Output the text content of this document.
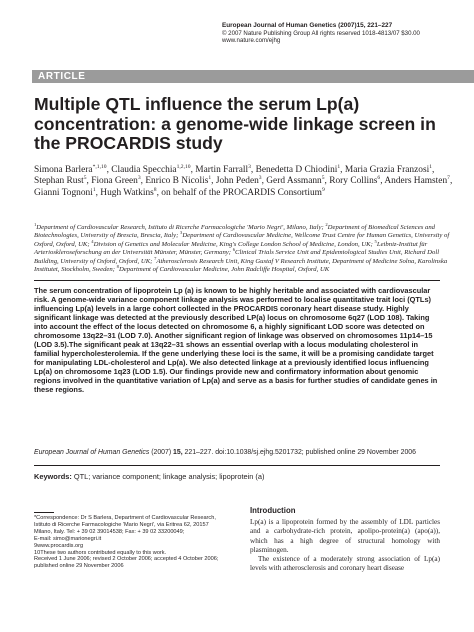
European Journal of Human Genetics (2007)15, 221–227
© 2007 Nature Publishing Group All rights reserved 1018-4813/07 $30.00
www.nature.com/ejhg
ARTICLE
Multiple QTL influence the serum Lp(a) concentration: a genome-wide linkage screen in the PROCARDIS study
Simona Barlera$^{*,1,10}$, Claudia Specchia$^{1,2,10}$, Martin Farrall$^3$, Benedetta D Chiodini$^1$, Maria Grazia Franzosi$^1$, Stephan Rust$^5$, Fiona Green$^3$, Enrico B Nicolis$^1$, John Peden$^3$, Gerd Assmann$^5$, Rory Collins$^6$, Anders Hamsten$^7$, Gianni Tognoni$^1$, Hugh Watkins$^8$, on behalf of the PROCARDIS Consortium$^9$
$^1$Department of Cardiovascular Research, Istituto di Ricerche Farmacologiche 'Mario Negri', Milano, Italy; $^2$Department of Biomedical Sciences and Biotechnologies, University of Brescia, Brescia, Italy; $^3$Department of Cardiovascular Medicine, Wellcome Trust Centre for Human Genetics, University of Oxford, Oxford, UK; $^4$Division of Genetics and Molecular Medicine, King's College London School of Medicine, London, UK; $^5$Leibniz-Institut für Arterioskleroseforschung an der Universität Münster, Münster, Germany; $^6$Clinical Trials Service Unit and Epidemiological Studies Unit, Richard Doll Building, University of Oxford, Oxford, UK; $^7$Atherosclerosis Research Unit, King Gustaf V Research Institute, Department of Medicine Solna, Karolinska Institutet, Stockholm, Sweden; $^8$Department of Cardiovascular Medicine, John Radcliffe Hospital, Oxford, UK
The serum concentration of lipoprotein Lp (a) is known to be highly heritable and associated with cardiovascular risk. A genome-wide variance component linkage analysis was performed to localise quantitative trait loci (QTLs) influencing Lp(a) levels in a large cohort collected in the PROCARDIS coronary heart disease study. Highly significant linkage was detected at the previously described LP(a) locus on chromosome 6q27 (LOD 108). Taking into account the effect of the locus detected on chromosome 6, a highly significant LOD score was detected on chromosome 13q22–31 (LOD 7.0). Another significant region of linkage was observed on chromosomes 11p14–15 (LOD 3.5).The significant peak at 13q22–31 shows an essential overlap with a locus modulating cholesterol in familial hypercholesterolemia. If the gene underlying these loci is the same, it will be a promising candidate target for manipulating LDL-cholesterol and Lp(a). We also detected linkage at a previously identified locus influencing Lp(a) on chromosome 1q23 (LOD 1.5). Our findings provide new and confirmatory information about genomic regions involved in the quantitative variation of Lp(a) and serve as a basis for further studies of candidate genes in these regions.
European Journal of Human Genetics (2007) 15, 221–227. doi:10.1038/sj.ejhg.5201732; published online 29 November 2006
Keywords: QTL; variance component; linkage analysis; lipoprotein (a)
*Correspondence: Dr S Barlera, Department of Cardiovascular Research,
Istituto di Ricerche Farmacologiche 'Mario Negri', via Eritrea 62, 20157
Milano, Italy. Tel: + 39 02 39014538; Fax: + 39 02 33200049;
E-mail: simo@marionegri.it
9www.procardis.org
10These two authors contributed equally to this work.
Received 1 June 2006; revised 2 October 2006; accepted 4 October 2006;
published online 29 November 2006
Introduction

Lp(a) is a lipoprotein formed by the assembly of LDL particles and a carbohydrate-rich protein, apolipo-protein(a) (apo(a)), which has a high degree of structural homology with plasminogen.

The existence of a moderately strong association of Lp(a) levels with atherosclerosis and coronary heart disease
